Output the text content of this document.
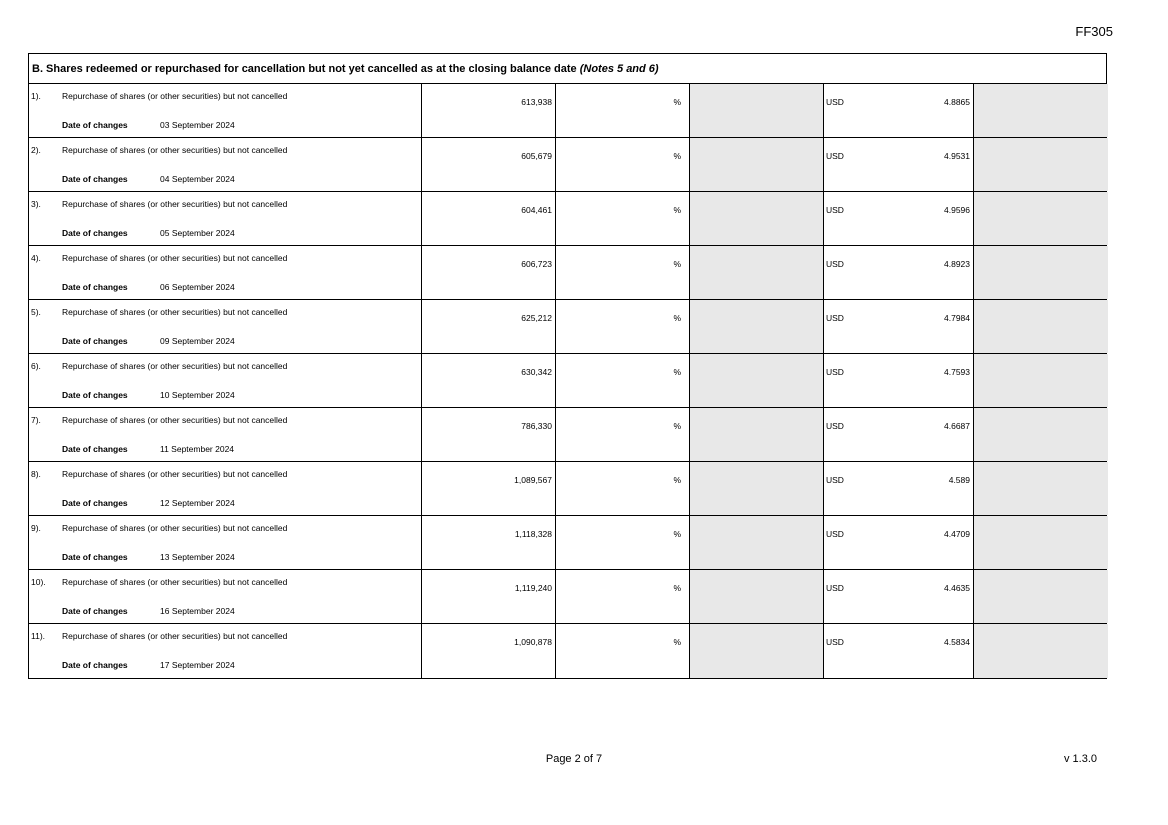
FF305
B. Shares redeemed or repurchased for cancellation but not yet cancelled as at the closing balance date (Notes 5 and 6)
1). Repurchase of shares (or other securities) but not cancelled
Date of changes	03 September 2024
613,938	%	USD	4.8865
2). Repurchase of shares (or other securities) but not cancelled
Date of changes	04 September 2024
605,679	%	USD	4.9531
3). Repurchase of shares (or other securities) but not cancelled
Date of changes	05 September 2024
604,461	%	USD	4.9596
4). Repurchase of shares (or other securities) but not cancelled
Date of changes	06 September 2024
606,723	%	USD	4.8923
5). Repurchase of shares (or other securities) but not cancelled
Date of changes	09 September 2024
625,212	%	USD	4.7984
6). Repurchase of shares (or other securities) but not cancelled
Date of changes	10 September 2024
630,342	%	USD	4.7593
7). Repurchase of shares (or other securities) but not cancelled
Date of changes	11 September 2024
786,330	%	USD	4.6687
8). Repurchase of shares (or other securities) but not cancelled
Date of changes	12 September 2024
1,089,567	%	USD	4.589
9). Repurchase of shares (or other securities) but not cancelled
Date of changes	13 September 2024
1,118,328	%	USD	4.4709
10). Repurchase of shares (or other securities) but not cancelled
Date of changes	16 September 2024
1,119,240	%	USD	4.4635
11). Repurchase of shares (or other securities) but not cancelled
Date of changes	17 September 2024
1,090,878	%	USD	4.5834
Page 2 of 7	v 1.3.0
